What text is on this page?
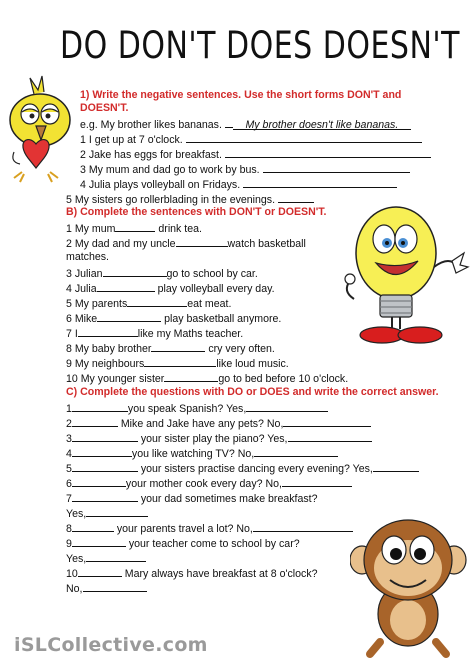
DO DON'T DOES DOESN'T
1) Write the negative sentences. Use the short forms DON'T and
DOESN'T.
e.g. My brother likes bananas. My brother doesn't like bananas.
1 I get up at 7 o'clock.
2 Jake has eggs for breakfast.
3 My mum and dad go to work by bus.
4 Julia plays volleyball on Fridays.
5 My sisters go rollerblading in the evenings.
B) Complete the sentences with DON'T or DOESN'T.
1 My mum	drink tea.
2 My dad and my uncle	watch basketball
matches.
3 Julian	go to school by car.
4 Julia	play volleyball every day.
5 My parents	eat meat.
6 Mike	play basketball anymore.
7 I	like my Maths teacher.
8 My baby brother	cry very often.
9 My neighbours	like loud music.
10 My younger sister	go to bed before 10 o'clock.
C) Complete the questions with DO or DOES and write the correct answer.
1	you speak Spanish? Yes,
2	Mike and Jake have any pets? No,
3	your sister play the piano? Yes,
4	you like watching TV? No,
5	your sisters practise dancing every evening? Yes,
6	your mother cook every day? No,
7	your dad sometimes make breakfast?
Yes,
8	your parents travel a lot? No,
9	your teacher come to school by car?
Yes,
10	Mary always have breakfast at 8 o'clock?
No,
iSLCollective.com
